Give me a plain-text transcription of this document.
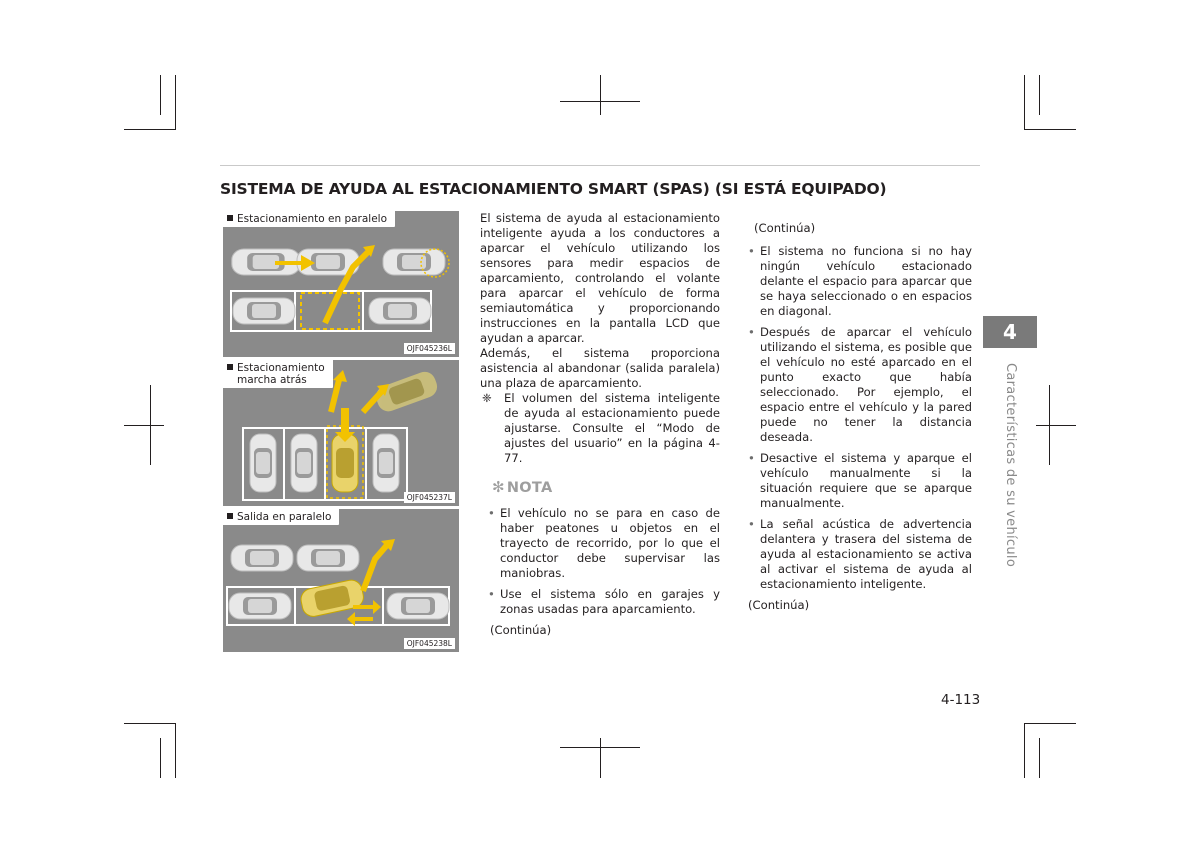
SISTEMA DE AYUDA AL ESTACIONAMIENTO SMART (SPAS) (SI ESTÁ EQUIPADO)
Estacionamiento en paralelo
OJF045236L
Estacionamiento
marcha atrás
OJF045237L
Salida en paralelo
OJF045238L

El sistema de ayuda al estacionamiento inteligente ayuda a los conductores a aparcar el vehículo utilizando los sensores para medir espacios de aparcamiento, controlando el volante para aparcar el vehículo de forma semiautomática y proporcionando instrucciones en la pantalla LCD que ayudan a aparcar.

Además, el sistema proporciona asistencia al abandonar (salida paralela) una plaza de aparcamiento.

❈ El volumen del sistema inteligente de ayuda al estacionamiento puede ajustarse. Consulte el “Modo de ajustes del usuario” en la página 4-77.
✻ NOTA
• El vehículo no se para en caso de haber peatones u objetos en el trayecto de recorrido, por lo que el conductor debe supervisar las maniobras.
• Use el sistema sólo en garajes y zonas usadas para aparcamiento.
(Continúa)
(Continúa)
• El sistema no funciona si no hay ningún vehículo estacionado delante el espacio para aparcar que se haya seleccionado o en espacios en diagonal.
• Después de aparcar el vehículo utilizando el sistema, es posible que el vehículo no esté aparcado en el punto exacto que había seleccionado. Por ejemplo, el espacio entre el vehículo y la pared puede no tener la distancia deseada.
• Desactive el sistema y aparque el vehículo manualmente si la situación requiere que se aparque manualmente.
• La señal acústica de advertencia delantera y trasera del sistema de ayuda al estacionamiento se activa al activar el sistema de ayuda al estacionamiento inteligente.
(Continúa)
4
Características de su vehículo
4-113
